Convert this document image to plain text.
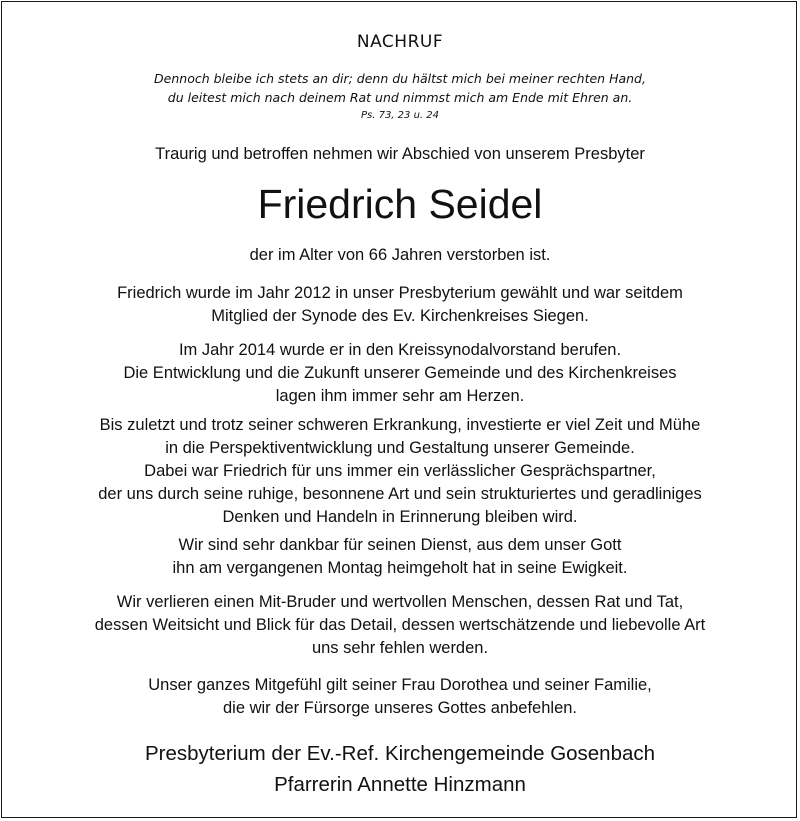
NACHRUF
Dennoch bleibe ich stets an dir; denn du hältst mich bei meiner rechten Hand,
du leitest mich nach deinem Rat und nimmst mich am Ende mit Ehren an.
Ps. 73, 23 u. 24
Traurig und betroffen nehmen wir Abschied von unserem Presbyter
Friedrich Seidel
der im Alter von 66 Jahren verstorben ist.
Friedrich wurde im Jahr 2012 in unser Presbyterium gewählt und war seitdem
Mitglied der Synode des Ev. Kirchenkreises Siegen.
Im Jahr 2014 wurde er in den Kreissynodalvorstand berufen.
Die Entwicklung und die Zukunft unserer Gemeinde und des Kirchenkreises
lagen ihm immer sehr am Herzen.
Bis zuletzt und trotz seiner schweren Erkrankung, investierte er viel Zeit und Mühe
in die Perspektiventwicklung und Gestaltung unserer Gemeinde.
Dabei war Friedrich für uns immer ein verlässlicher Gesprächspartner,
der uns durch seine ruhige, besonnene Art und sein strukturiertes und geradliniges
Denken und Handeln in Erinnerung bleiben wird.
Wir sind sehr dankbar für seinen Dienst, aus dem unser Gott
ihn am vergangenen Montag heimgeholt hat in seine Ewigkeit.
Wir verlieren einen Mit-Bruder und wertvollen Menschen, dessen Rat und Tat,
dessen Weitsicht und Blick für das Detail, dessen wertschätzende und liebevolle Art
uns sehr fehlen werden.
Unser ganzes Mitgefühl gilt seiner Frau Dorothea und seiner Familie,
die wir der Fürsorge unseres Gottes anbefehlen.
Presbyterium der Ev.-Ref. Kirchengemeinde Gosenbach
Pfarrerin Annette Hinzmann
